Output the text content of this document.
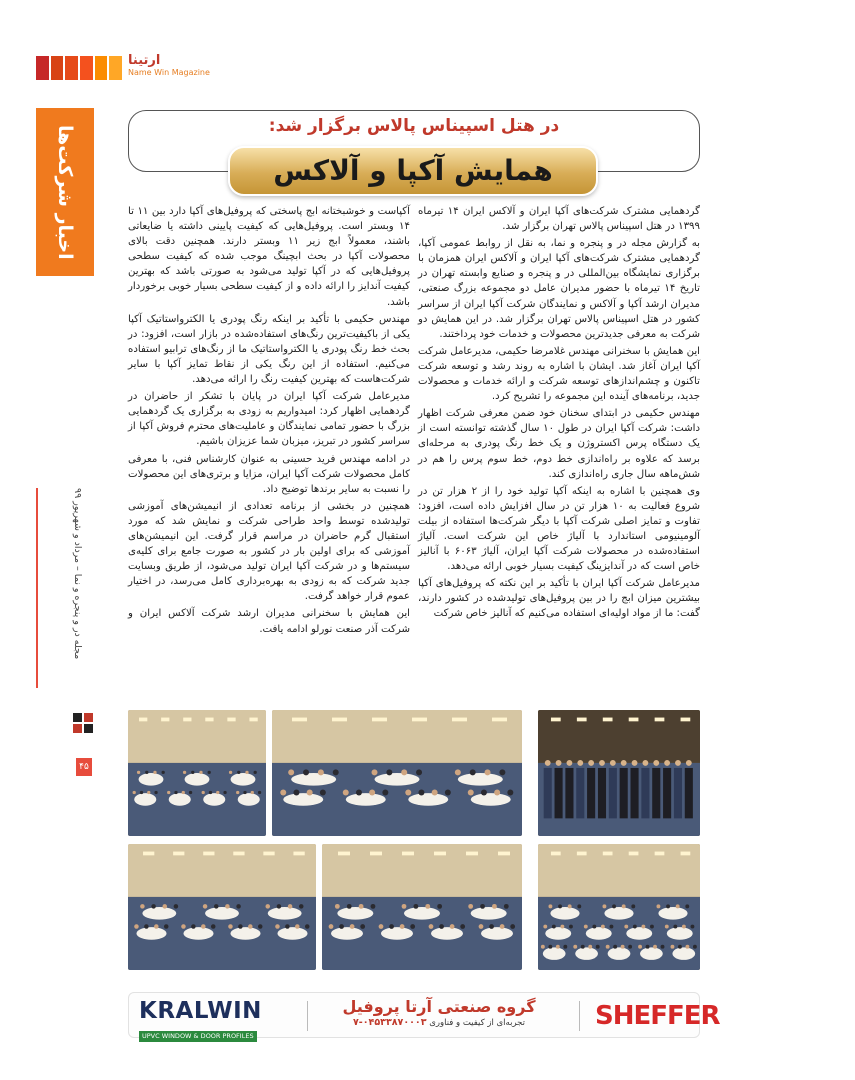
ارتینا
Name Win Magazine
اخبار شرکت‌ها
مجله در و پنجره و نما – مرداد و شهریور ۹۹
۴۵
در هتل اسپیناس پالاس برگزار شد:
همایش آکپا و آلاکس

گردهمایی مشترک شرکت‌های آکپا ایران و آلاکس ایران ۱۴ تیرماه ۱۳۹۹ در هتل اسپیناس پالاس تهران برگزار شد.

به گزارش مجله در و پنجره و نما، به نقل از روابط عمومی آکپا، گردهمایی مشترک شرکت‌های آکپا ایران و آلاکس ایران همزمان با برگزاری نمایشگاه بین‌المللی در و پنجره و صنایع وابسته تهران در تاریخ ۱۴ تیرماه با حضور مدیران عامل دو مجموعه بزرگ صنعتی، مدیران ارشد آکپا و آلاکس و نمایندگان شرکت آکپا ایران از سراسر کشور در هتل اسپیناس پالاس تهران برگزار شد. در این همایش دو شرکت به معرفی جدیدترین محصولات و خدمات خود پرداختند.

این همایش با سخنرانی مهندس غلامرضا حکیمی، مدیرعامل شرکت آکپا ایران آغاز شد. ایشان با اشاره به روند رشد و توسعه شرکت تاکنون و چشم‌اندازهای توسعه شرکت و ارائه خدمات و محصولات جدید، برنامه‌های آینده این مجموعه را تشریح کرد.

مهندس حکیمی در ابتدای سخنان خود ضمن معرفی شرکت اظهار داشت: شرکت آکپا ایران در طول ۱۰ سال گذشته توانسته است از یک دستگاه پرس اکستروژن و یک خط رنگ پودری به مرحله‌ای برسد که علاوه بر راه‌اندازی خط دوم، خط سوم پرس را هم در شش‌ماهه سال جاری راه‌اندازی کند.

وی همچنین با اشاره به اینکه آکپا تولید خود را از ۲ هزار تن در شروع فعالیت به ۱۰ هزار تن در سال افزایش داده است، افزود: تفاوت و تمایز اصلی شرکت آکپا با دیگر شرکت‌ها استفاده از بیلت آلومینیومی استاندارد با آلیاژ خاص این شرکت است. آلیاژ استفاده‌شده در محصولات شرکت آکپا ایران، آلیاژ ۶۰۶۳ با آنالیز خاص است که در آندایزینگ کیفیت بسیار خوبی ارائه می‌دهد.

مدیرعامل شرکت آکپا ایران با تأکید بر این نکته که پروفیل‌های آکپا بیشترین میزان ابج را در بین پروفیل‌های تولیدشده در کشور دارند، گفت: ما از مواد اولیه‌ای استفاده می‌کنیم که آنالیز خاص شرکت

آکپاست و خوشبختانه ابج پاسختی که پروفیل‌های آکپا دارد بین ۱۱ تا ۱۴ وبستر است. پروفیل‌هایی که کیفیت پایینی داشته یا ضایعاتی باشند، معمولاً ابج زیر ۱۱ وبستر دارند. همچنین دقت بالای محصولات آکپا در بحث ابچینگ موجب شده که کیفیت سطحی پروفیل‌هایی که در آکپا تولید می‌شود به صورتی باشد که بهترین کیفیت آندایز را ارائه داده و از کیفیت سطحی بسیار خوبی برخوردار باشد.

مهندس حکیمی با تأکید بر اینکه رنگ پودری یا الکترواستاتیک آکپا یکی از باکیفیت‌ترین رنگ‌های استفاده‌شده در بازار است، افزود: در بحث خط رنگ پودری یا الکترواستاتیک ما از رنگ‌های ترابیو استفاده می‌کنیم. استفاده از این رنگ یکی از نقاط تمایز آکپا با سایر شرکت‌هاست که بهترین کیفیت رنگ را ارائه می‌دهد.

مدیرعامل شرکت آکپا ایران در پایان با تشکر از حاضران در گردهمایی اظهار کرد: امیدواریم به زودی به برگزاری یک گردهمایی بزرگ با حضور تمامی نمایندگان و عاملیت‌های محترم فروش آکپا از سراسر کشور در تبریز، میزبان شما عزیزان باشیم.

در ادامه مهندس فرید حسینی به عنوان کارشناس فنی، با معرفی کامل محصولات شرکت آکپا ایران، مزایا و برتری‌های این محصولات را نسبت به سایر برندها توضیح داد.

همچنین در بخشی از برنامه تعدادی از انیمیشن‌های آموزشی تولیدشده توسط واحد طراحی شرکت و نمایش شد که مورد استقبال گرم حاضران در مراسم قرار گرفت. این انیمیشن‌های آموزشی که برای اولین بار در کشور به صورت جامع برای کلیه‌ی سیستم‌ها و در شرکت آکپا ایران تولید می‌شود، از طریق وبسایت جدید شرکت که به زودی به بهره‌برداری کامل می‌رسد، در اختیار عموم قرار خواهد گرفت.

این همایش با سخنرانی مدیران ارشد شرکت آلاکس ایران و شرکت آذر صنعت نورلو ادامه یافت.

KRALWIN
UPVC WINDOW & DOOR PROFILES
گروه صنعتی آرتا پروفیل
تجربه‌ای از کیفیت و فناوری ۰۴۵۳۳۸۷۰۰۰۳-۷	SHEFFER
